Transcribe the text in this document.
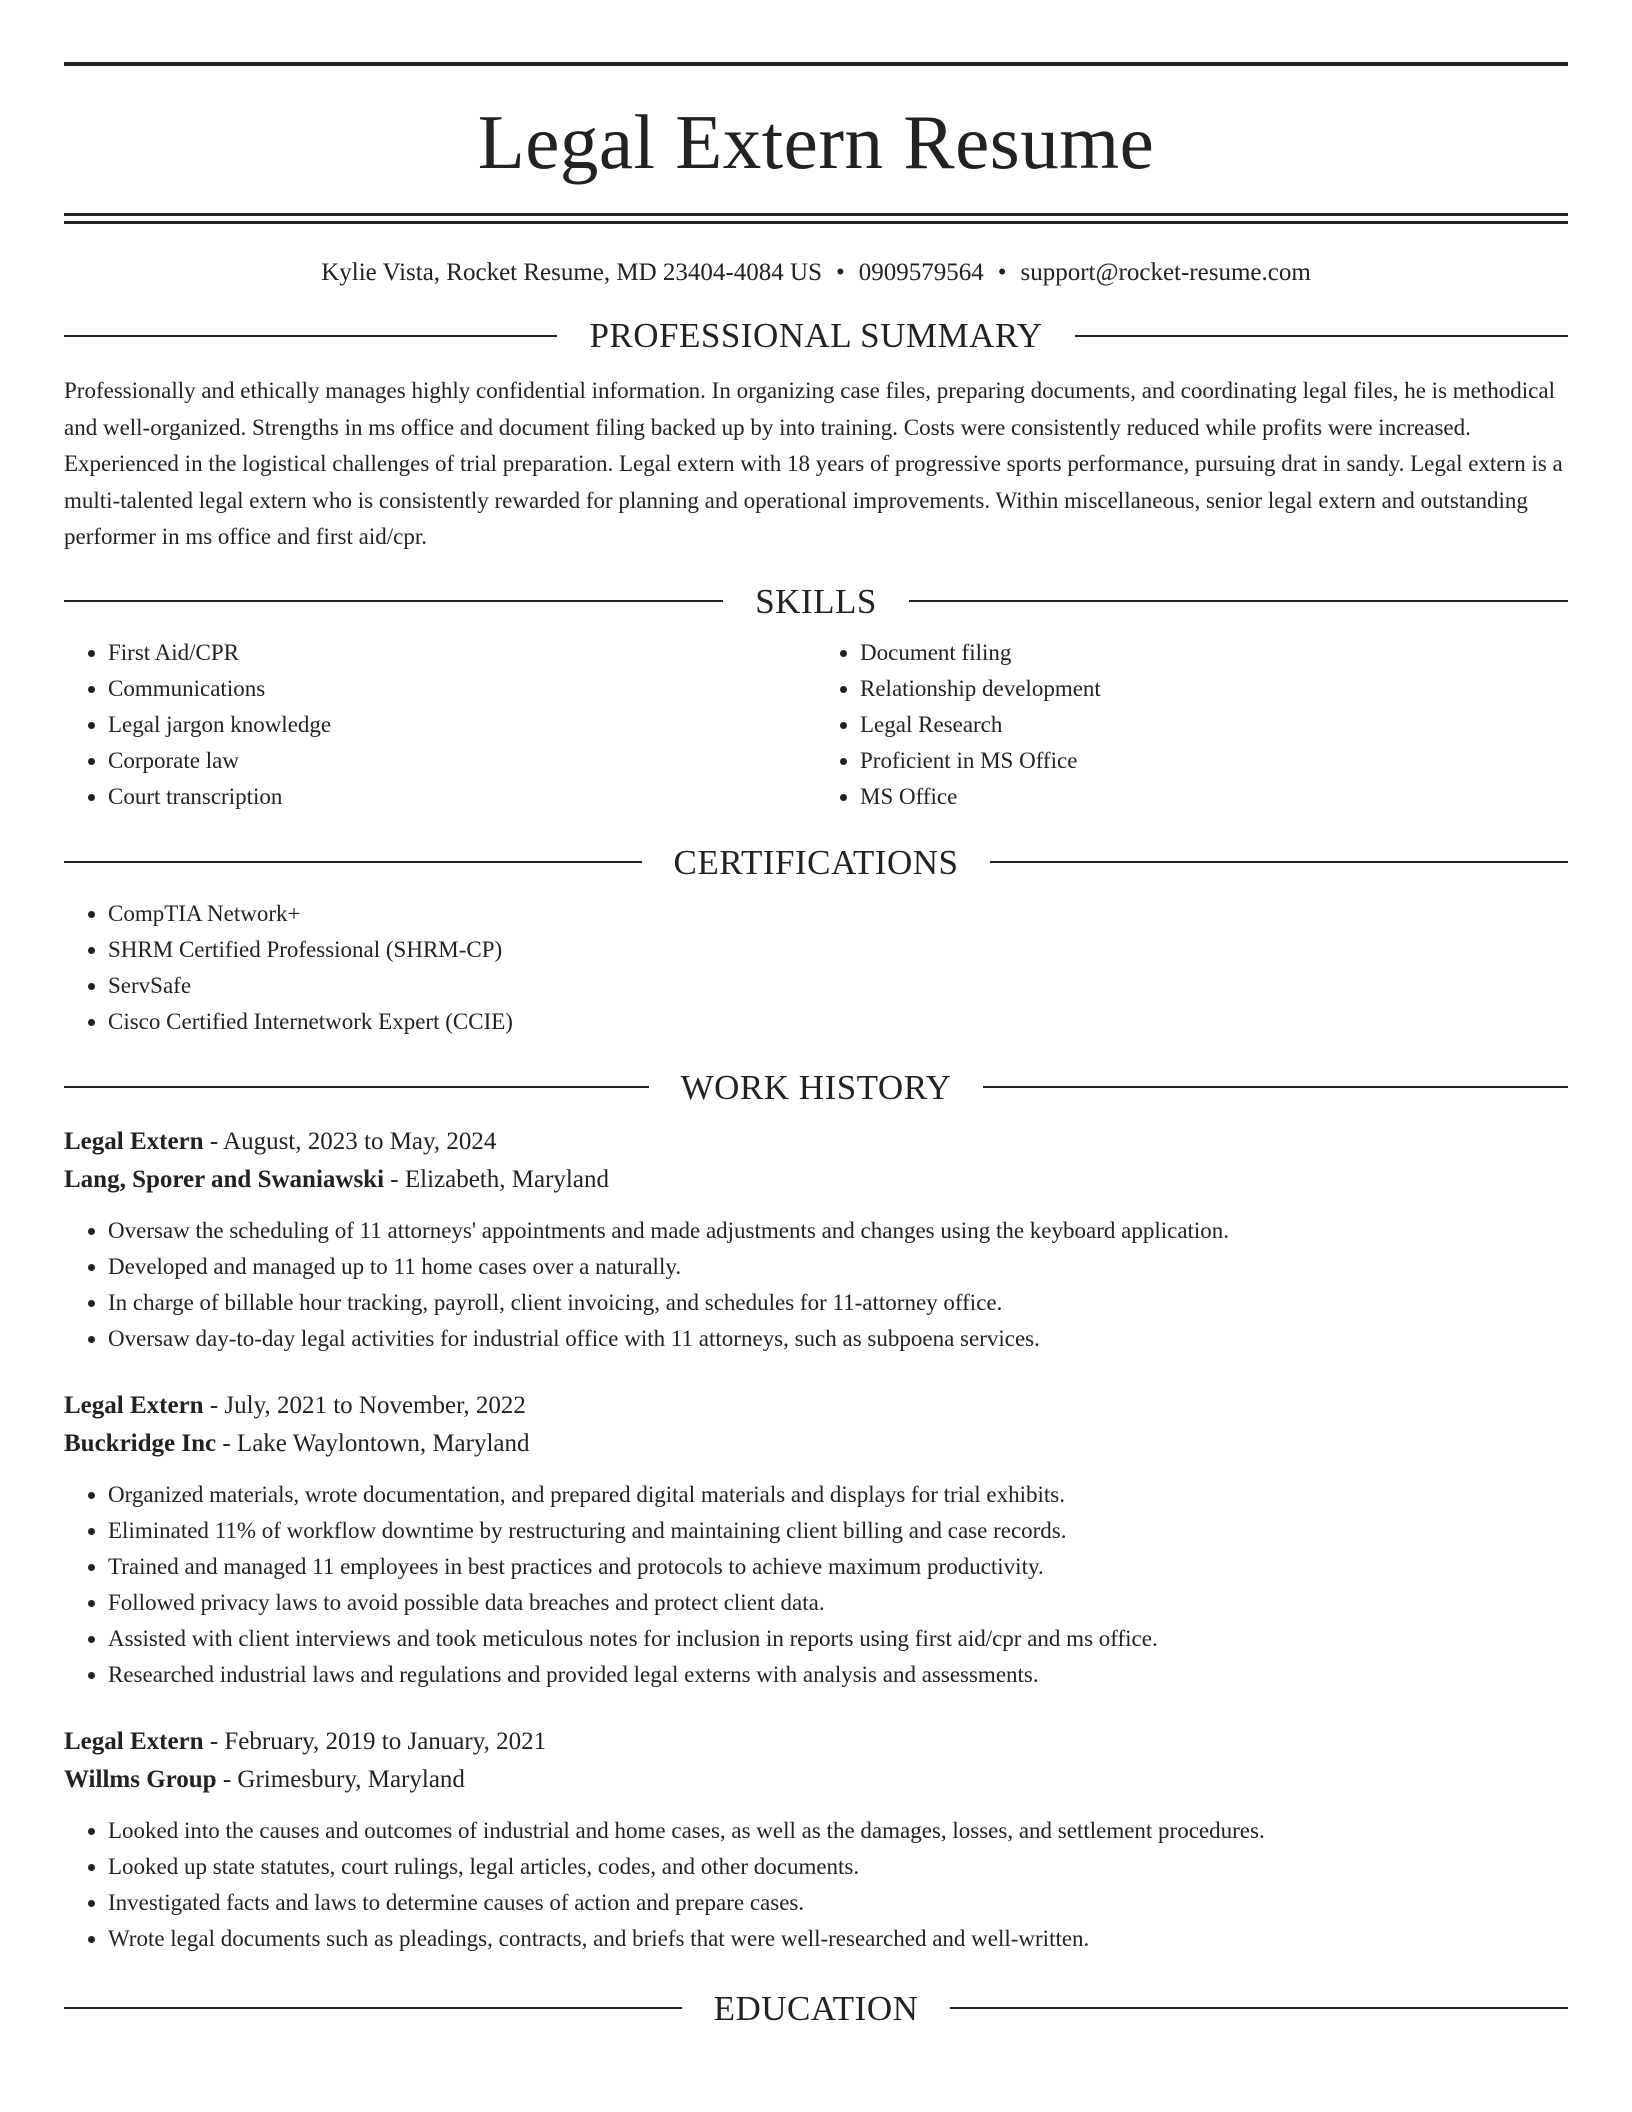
Legal Extern Resume
Kylie Vista, Rocket Resume, MD 23404-4084 US • 0909579564 • support@rocket-resume.com
PROFESSIONAL SUMMARY

Professionally and ethically manages highly confidential information. In organizing case files, preparing documents, and coordinating legal files, he is methodical and well-organized. Strengths in ms office and document filing backed up by into training. Costs were consistently reduced while profits were increased. Experienced in the logistical challenges of trial preparation. Legal extern with 18 years of progressive sports performance, pursuing drat in sandy. Legal extern is a multi-talented legal extern who is consistently rewarded for planning and operational improvements. Within miscellaneous, senior legal extern and outstanding performer in ms office and first aid/cpr.

SKILLS
• First Aid/CPR
• Communications
• Legal jargon knowledge
• Corporate law
• Court transcription
• Document filing
• Relationship development
• Legal Research
• Proficient in MS Office
• MS Office
CERTIFICATIONS
• CompTIA Network+
• SHRM Certified Professional (SHRM-CP)
• ServSafe
• Cisco Certified Internetwork Expert (CCIE)
WORK HISTORY
Legal Extern - August, 2023 to May, 2024
Lang, Sporer and Swaniawski - Elizabeth, Maryland
• Oversaw the scheduling of 11 attorneys' appointments and made adjustments and changes using the keyboard application.
• Developed and managed up to 11 home cases over a naturally.
• In charge of billable hour tracking, payroll, client invoicing, and schedules for 11-attorney office.
• Oversaw day-to-day legal activities for industrial office with 11 attorneys, such as subpoena services.
Legal Extern - July, 2021 to November, 2022
Buckridge Inc - Lake Waylontown, Maryland
• Organized materials, wrote documentation, and prepared digital materials and displays for trial exhibits.
• Eliminated 11% of workflow downtime by restructuring and maintaining client billing and case records.
• Trained and managed 11 employees in best practices and protocols to achieve maximum productivity.
• Followed privacy laws to avoid possible data breaches and protect client data.
• Assisted with client interviews and took meticulous notes for inclusion in reports using first aid/cpr and ms office.
• Researched industrial laws and regulations and provided legal externs with analysis and assessments.
Legal Extern - February, 2019 to January, 2021
Willms Group - Grimesbury, Maryland
• Looked into the causes and outcomes of industrial and home cases, as well as the damages, losses, and settlement procedures.
• Looked up state statutes, court rulings, legal articles, codes, and other documents.
• Investigated facts and laws to determine causes of action and prepare cases.
• Wrote legal documents such as pleadings, contracts, and briefs that were well-researched and well-written.
EDUCATION
